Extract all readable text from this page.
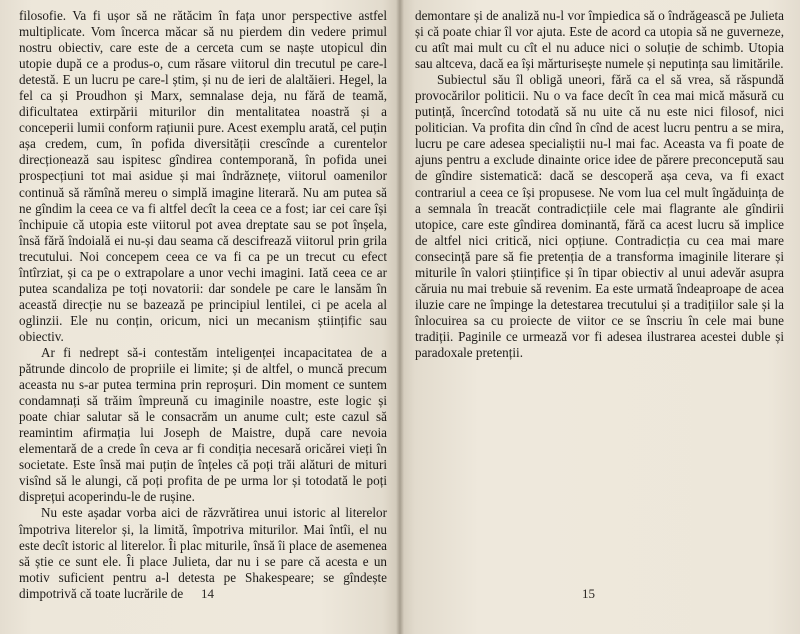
filosofie. Va fi ușor să ne rătăcim în fața unor perspective astfel multiplicate. Vom încerca măcar să nu pierdem din vedere primul nostru obiectiv, care este de a cerceta cum se naște utopicul din utopie după ce a produs-o, cum răsare viitorul din trecutul pe care-l detestă. E un lucru pe care-l știm, și nu de ieri de alaltăieri. Hegel, la fel ca și Proudhon și Marx, semnalase deja, nu fără de teamă, dificultatea extirpării miturilor din mentalitatea noastră și a conceperii lumii conform rațiunii pure. Acest exemplu arată, cel puțin așa credem, cum, în pofida diversității crescînde a curentelor direcționează sau ispitesc gîndirea contemporană, în pofida unei prospecțiuni tot mai asidue și mai îndrăznețe, viitorul oamenilor continuă să rămînă mereu o simplă imagine literară. Nu am putea să ne gîndim la ceea ce va fi altfel decît la ceea ce a fost; iar cei care își închipuie că utopia este viitorul pot avea dreptate sau se pot înșela, însă fără îndoială ei nu-și dau seama că descifrează viitorul prin grila trecutului. Noi concepem ceea ce va fi ca pe un trecut cu efect întîrziat, și ca pe o extrapolare a unor vechi imagini. Iată ceea ce ar putea scandaliza pe toți novatorii: dar sondele pe care le lansăm în această direcție nu se bazează pe principiul lentilei, ci pe acela al oglinzii. Ele nu conțin, oricum, nici un mecanism științific sau obiectiv.

Ar fi nedrept să-i contestăm inteligenței incapacitatea de a pătrunde dincolo de propriile ei limite; și de altfel, o muncă precum aceasta nu s-ar putea termina prin reproșuri. Din moment ce suntem condamnați să trăim împreună cu imaginile noastre, este logic și poate chiar salutar să le consacrăm un anume cult; este cazul să reamintim afirmația lui Joseph de Maistre, după care nevoia elementară de a crede în ceva ar fi condiția necesară oricărei vieți în societate. Este însă mai puțin de înțeles că poți trăi alături de mituri visînd să le alungi, că poți profita de pe urma lor și totodată le poți disprețui acoperindu-le de rușine.

Nu este așadar vorba aici de răzvrătirea unui istoric al literelor împotriva literelor și, la limită, împotriva miturilor. Mai întîi, el nu este decît istoric al literelor. Îi plac miturile, însă îi place de asemenea să știe ce sunt ele. Îi place Julieta, dar nu i se pare că acesta e un motiv suficient pentru a-l detesta pe Shakespeare; se gîndește dimpotrivă că toate lucrările de	14

demontare și de analiză nu-l vor împiedica să o îndrăgească pe Julieta și că poate chiar îl vor ajuta. Este de acord ca utopia să ne guverneze, cu atît mai mult cu cît el nu aduce nici o soluție de schimb. Utopia sau altceva, dacă ea își mărturisește numele și neputința sau limitările.

Subiectul său îl obligă uneori, fără ca el să vrea, să răspundă provocărilor politicii. Nu o va face decît în cea mai mică măsură cu putință, încercînd totodată să nu uite că nu este nici filosof, nici politician. Va profita din cînd în cînd de acest lucru pentru a se mira, lucru pe care adesea specialiștii nu-l mai fac. Aceasta va fi poate de ajuns pentru a exclude dinainte orice idee de părere preconcepută sau de gîndire sistematică: dacă se descoperă așa ceva, va fi exact contrariul a ceea ce își propusese. Ne vom lua cel mult îngăduința de a semnala în treacăt contradicțiile cele mai flagrante ale gîndirii utopice, care este gîndirea dominantă, fără ca acest lucru să implice de altfel nici critică, nici opțiune. Contradicția cu cea mai mare consecință pare să fie pretenția de a transforma imaginile literare și miturile în valori științifice și în tipar obiectiv al unui adevăr asupra căruia nu mai trebuie să revenim. Ea este urmată îndeaproape de acea iluzie care ne împinge la detestarea trecutului și a tradițiilor sale și la înlocuirea sa cu proiecte de viitor ce se înscriu în cele mai bune tradiții. Paginile ce urmează vor fi adesea ilustrarea acestei duble și paradoxale pretenții.

15
